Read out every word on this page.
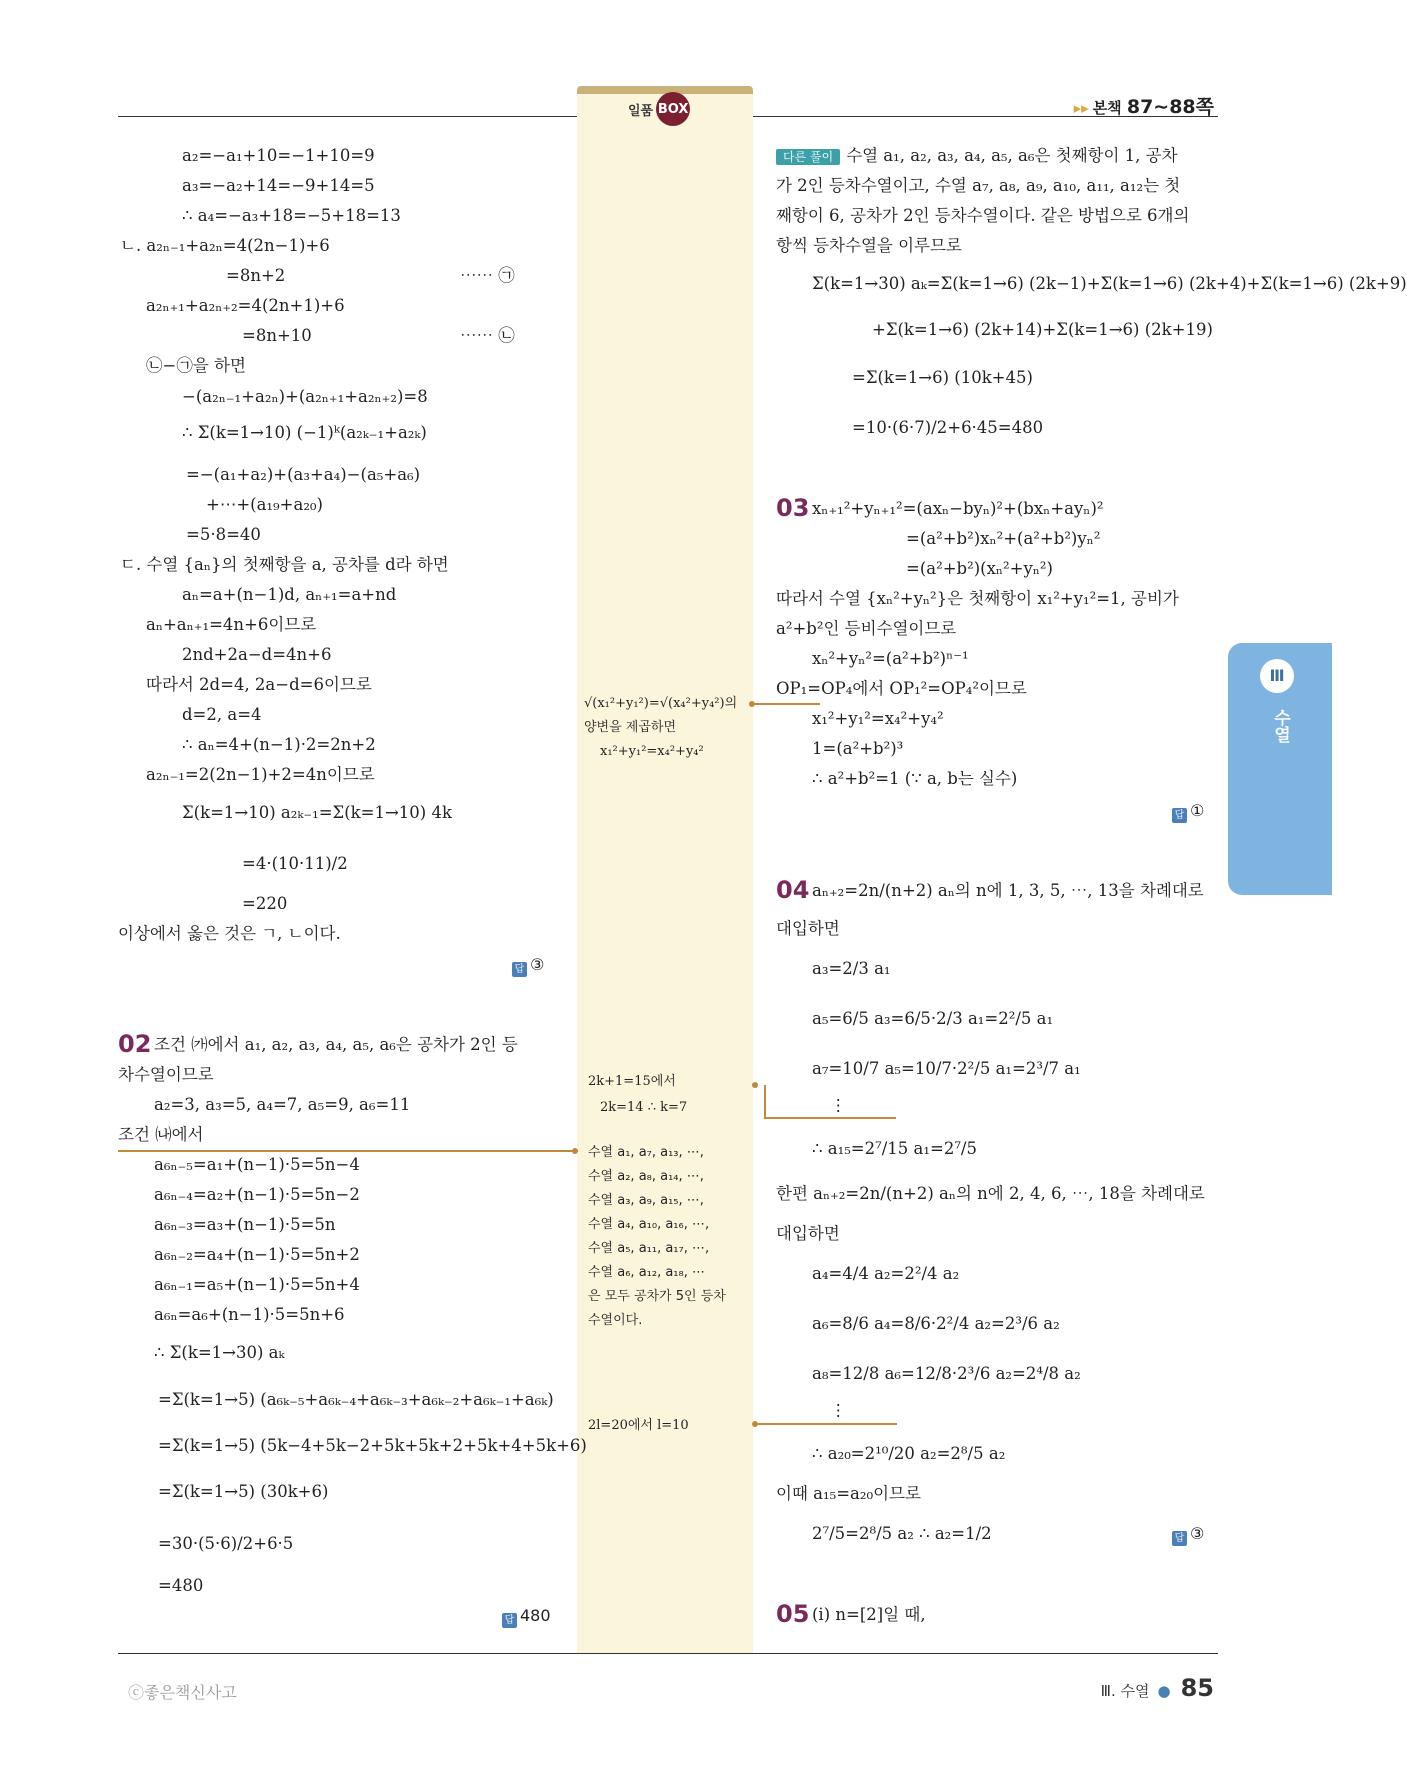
일품 BOX	▸▸ 본책 87∼88쪽
a₂=−a₁+10=−1+10=9
a₃=−a₂+14=−9+14=5
∴ a₄=−a₃+18=−5+18=13
ㄴ. a₂ₙ₋₁+a₂ₙ=4(2n−1)+6
=8n+2	⋯⋯ ㉠
a₂ₙ₊₁+a₂ₙ₊₂=4(2n+1)+6
=8n+10	⋯⋯ ㉡
㉡−㉠을 하면
−(a₂ₙ₋₁+a₂ₙ)+(a₂ₙ₊₁+a₂ₙ₊₂)=8
∴ Σ(k=1→10) (−1)ᵏ(a₂ₖ₋₁+a₂ₖ)
=−(a₁+a₂)+(a₃+a₄)−(a₅+a₆)
+⋯+(a₁₉+a₂₀)
=5·8=40
ㄷ. 수열 {aₙ}의 첫째항을 a, 공차를 d라 하면
aₙ=a+(n−1)d, aₙ₊₁=a+nd
aₙ+aₙ₊₁=4n+6이므로
2nd+2a−d=4n+6
따라서 2d=4, 2a−d=6이므로
d=2, a=4
∴ aₙ=4+(n−1)·2=2n+2
a₂ₙ₋₁=2(2n−1)+2=4n이므로
Σ(k=1→10) a₂ₖ₋₁=Σ(k=1→10) 4k
=4·(10·11)/2
=220
이상에서 옳은 것은 ㄱ, ㄴ이다.
답 ③
02 조건 ㈎에서 a₁, a₂, a₃, a₄, a₅, a₆은 공차가 2인 등
차수열이므로
a₂=3, a₃=5, a₄=7, a₅=9, a₆=11
조건 ㈏에서
a₆ₙ₋₅=a₁+(n−1)·5=5n−4
a₆ₙ₋₄=a₂+(n−1)·5=5n−2
a₆ₙ₋₃=a₃+(n−1)·5=5n
a₆ₙ₋₂=a₄+(n−1)·5=5n+2
a₆ₙ₋₁=a₅+(n−1)·5=5n+4
a₆ₙ=a₆+(n−1)·5=5n+6
∴ Σ(k=1→30) aₖ
=Σ(k=1→5) (a₆ₖ₋₅+a₆ₖ₋₄+a₆ₖ₋₃+a₆ₖ₋₂+a₆ₖ₋₁+a₆ₖ)
=Σ(k=1→5) (5k−4+5k−2+5k+5k+2+5k+4+5k+6)
=Σ(k=1→5) (30k+6)
=30·(5·6)/2+6·5
=480
답 480
√(x₁²+y₁²)=√(x₄²+y₄²)의
양변을 제곱하면
x₁²+y₁²=x₄²+y₄²
2k+1=15에서
2k=14 ∴ k=7
수열 a₁, a₇, a₁₃, ⋯,
수열 a₂, a₈, a₁₄, ⋯,
수열 a₃, a₉, a₁₅, ⋯,
수열 a₄, a₁₀, a₁₆, ⋯,
수열 a₅, a₁₁, a₁₇, ⋯,
수열 a₆, a₁₂, a₁₈, ⋯
은 모두 공차가 5인 등차
수열이다.
2l=20에서 l=10
다른 풀이 수열 a₁, a₂, a₃, a₄, a₅, a₆은 첫째항이 1, 공차
가 2인 등차수열이고, 수열 a₇, a₈, a₉, a₁₀, a₁₁, a₁₂는 첫
째항이 6, 공차가 2인 등차수열이다. 같은 방법으로 6개의
항씩 등차수열을 이루므로
Σ(k=1→30) aₖ=Σ(k=1→6) (2k−1)+Σ(k=1→6) (2k+4)+Σ(k=1→6) (2k+9)
+Σ(k=1→6) (2k+14)+Σ(k=1→6) (2k+19)
=Σ(k=1→6) (10k+45)
=10·(6·7)/2+6·45=480
03 xₙ₊₁²+yₙ₊₁²=(axₙ−byₙ)²+(bxₙ+ayₙ)²
=(a²+b²)xₙ²+(a²+b²)yₙ²
=(a²+b²)(xₙ²+yₙ²)
따라서 수열 {xₙ²+yₙ²}은 첫째항이 x₁²+y₁²=1, 공비가
a²+b²인 등비수열이므로
xₙ²+yₙ²=(a²+b²)ⁿ⁻¹
OP₁=OP₄에서 OP₁²=OP₄²이므로
x₁²+y₁²=x₄²+y₄²
1=(a²+b²)³
∴ a²+b²=1 (∵ a, b는 실수)
답 ①
04 aₙ₊₂=2n/(n+2) aₙ의 n에 1, 3, 5, ⋯, 13을 차례대로
대입하면
a₃=2/3 a₁
a₅=6/5 a₃=6/5·2/3 a₁=2²/5 a₁
a₇=10/7 a₅=10/7·2²/5 a₁=2³/7 a₁
⋮
∴ a₁₅=2⁷/15 a₁=2⁷/5
한편 aₙ₊₂=2n/(n+2) aₙ의 n에 2, 4, 6, ⋯, 18을 차례대로
대입하면
a₄=4/4 a₂=2²/4 a₂
a₆=8/6 a₄=8/6·2²/4 a₂=2³/6 a₂
a₈=12/8 a₆=12/8·2³/6 a₂=2⁴/8 a₂
⋮
∴ a₂₀=2¹⁰/20 a₂=2⁸/5 a₂
이때 a₁₅=a₂₀이므로
2⁷/5=2⁸/5 a₂ ∴ a₂=1/2	답 ③
05 (i) n=[2]일 때,
Ⅲ
수열
ⓒ좋은책신사고	Ⅲ. 수열 ● 85
